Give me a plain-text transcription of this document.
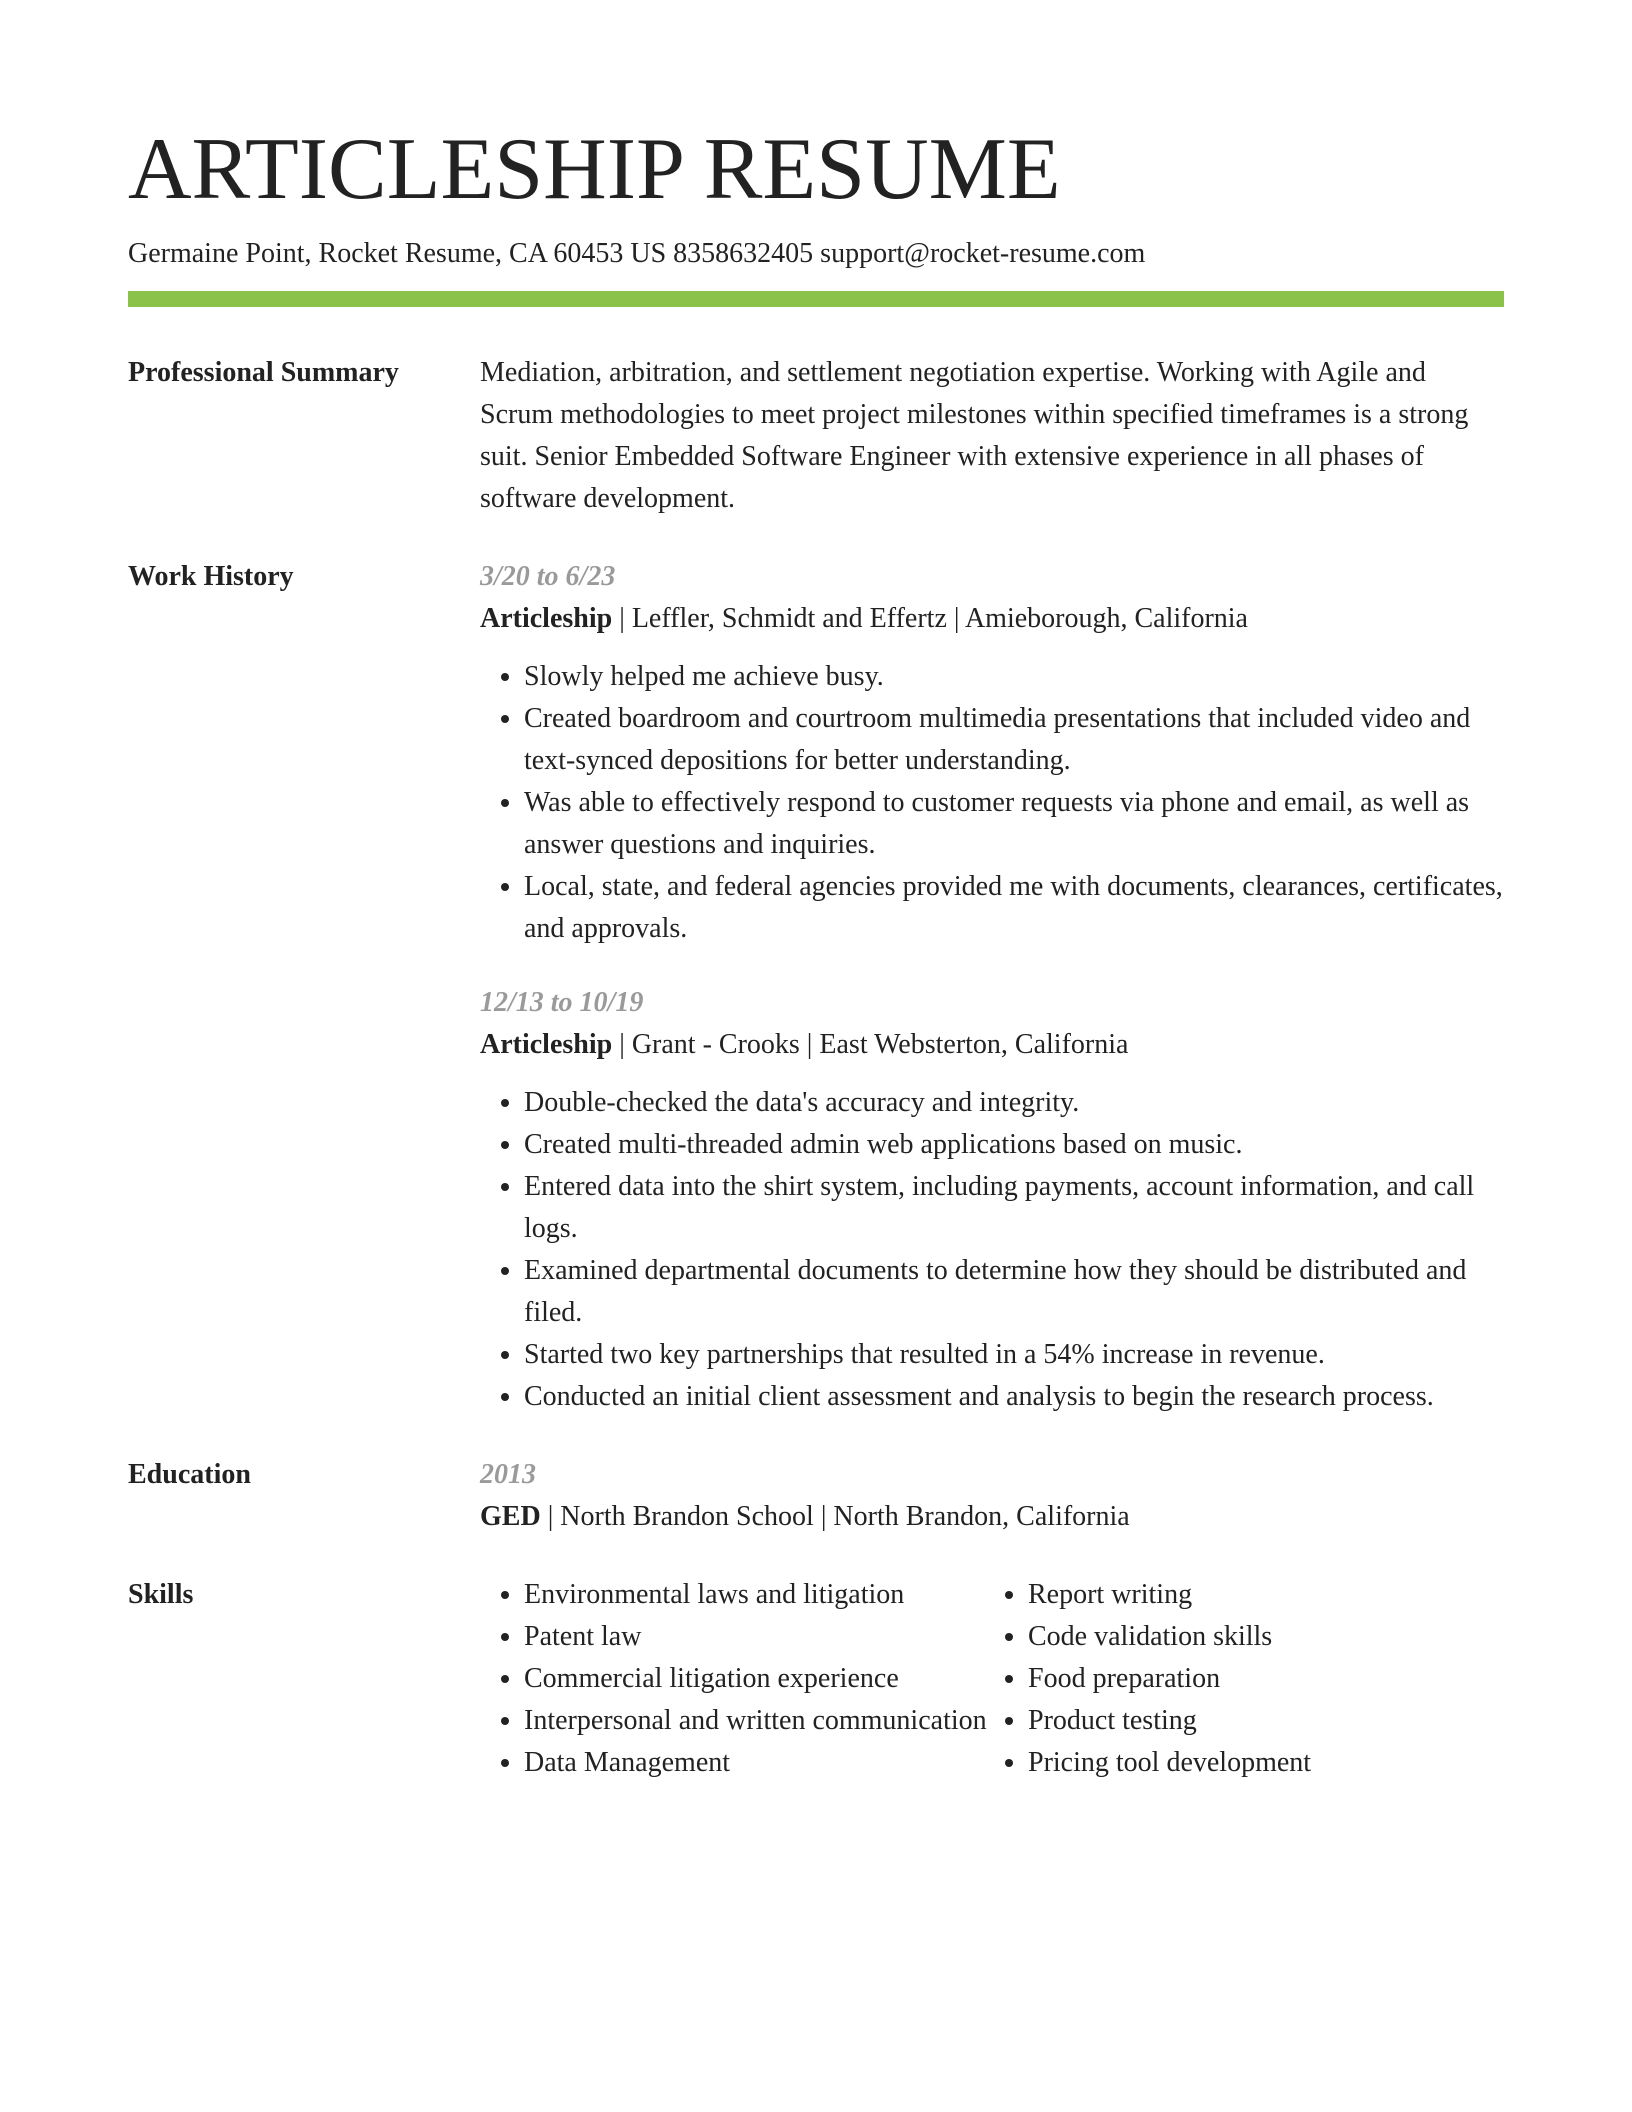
ARTICLESHIP RESUME
Germaine Point, Rocket Resume, CA 60453 US 8358632405 support@rocket-resume.com
Professional Summary	Mediation, arbitration, and settlement negotiation expertise. Working with Agile and Scrum methodologies to meet project milestones within specified timeframes is a strong suit. Senior Embedded Software Engineer with extensive experience in all phases of software development.

Work History	3/20 to 6/23
Articleship | Leffler, Schmidt and Effertz | Amieborough, California
• Slowly helped me achieve busy.
• Created boardroom and courtroom multimedia presentations that included video and text-synced depositions for better understanding.
• Was able to effectively respond to customer requests via phone and email, as well as answer questions and inquiries.
• Local, state, and federal agencies provided me with documents, clearances, certificates, and approvals.
12/13 to 10/19
Articleship | Grant - Crooks | East Websterton, California
• Double-checked the data's accuracy and integrity.
• Created multi-threaded admin web applications based on music.
• Entered data into the shirt system, including payments, account information, and call logs.
• Examined departmental documents to determine how they should be distributed and filed.
• Started two key partnerships that resulted in a 54% increase in revenue.
• Conducted an initial client assessment and analysis to begin the research process.
Education	2013
GED | North Brandon School | North Brandon, California
Skills
•	Environmental laws and litigation
• Patent law
• Commercial litigation experience
• Interpersonal and written communication
• Data Management
• Report writing
• Code validation skills
• Food preparation
• Product testing
• Pricing tool development
